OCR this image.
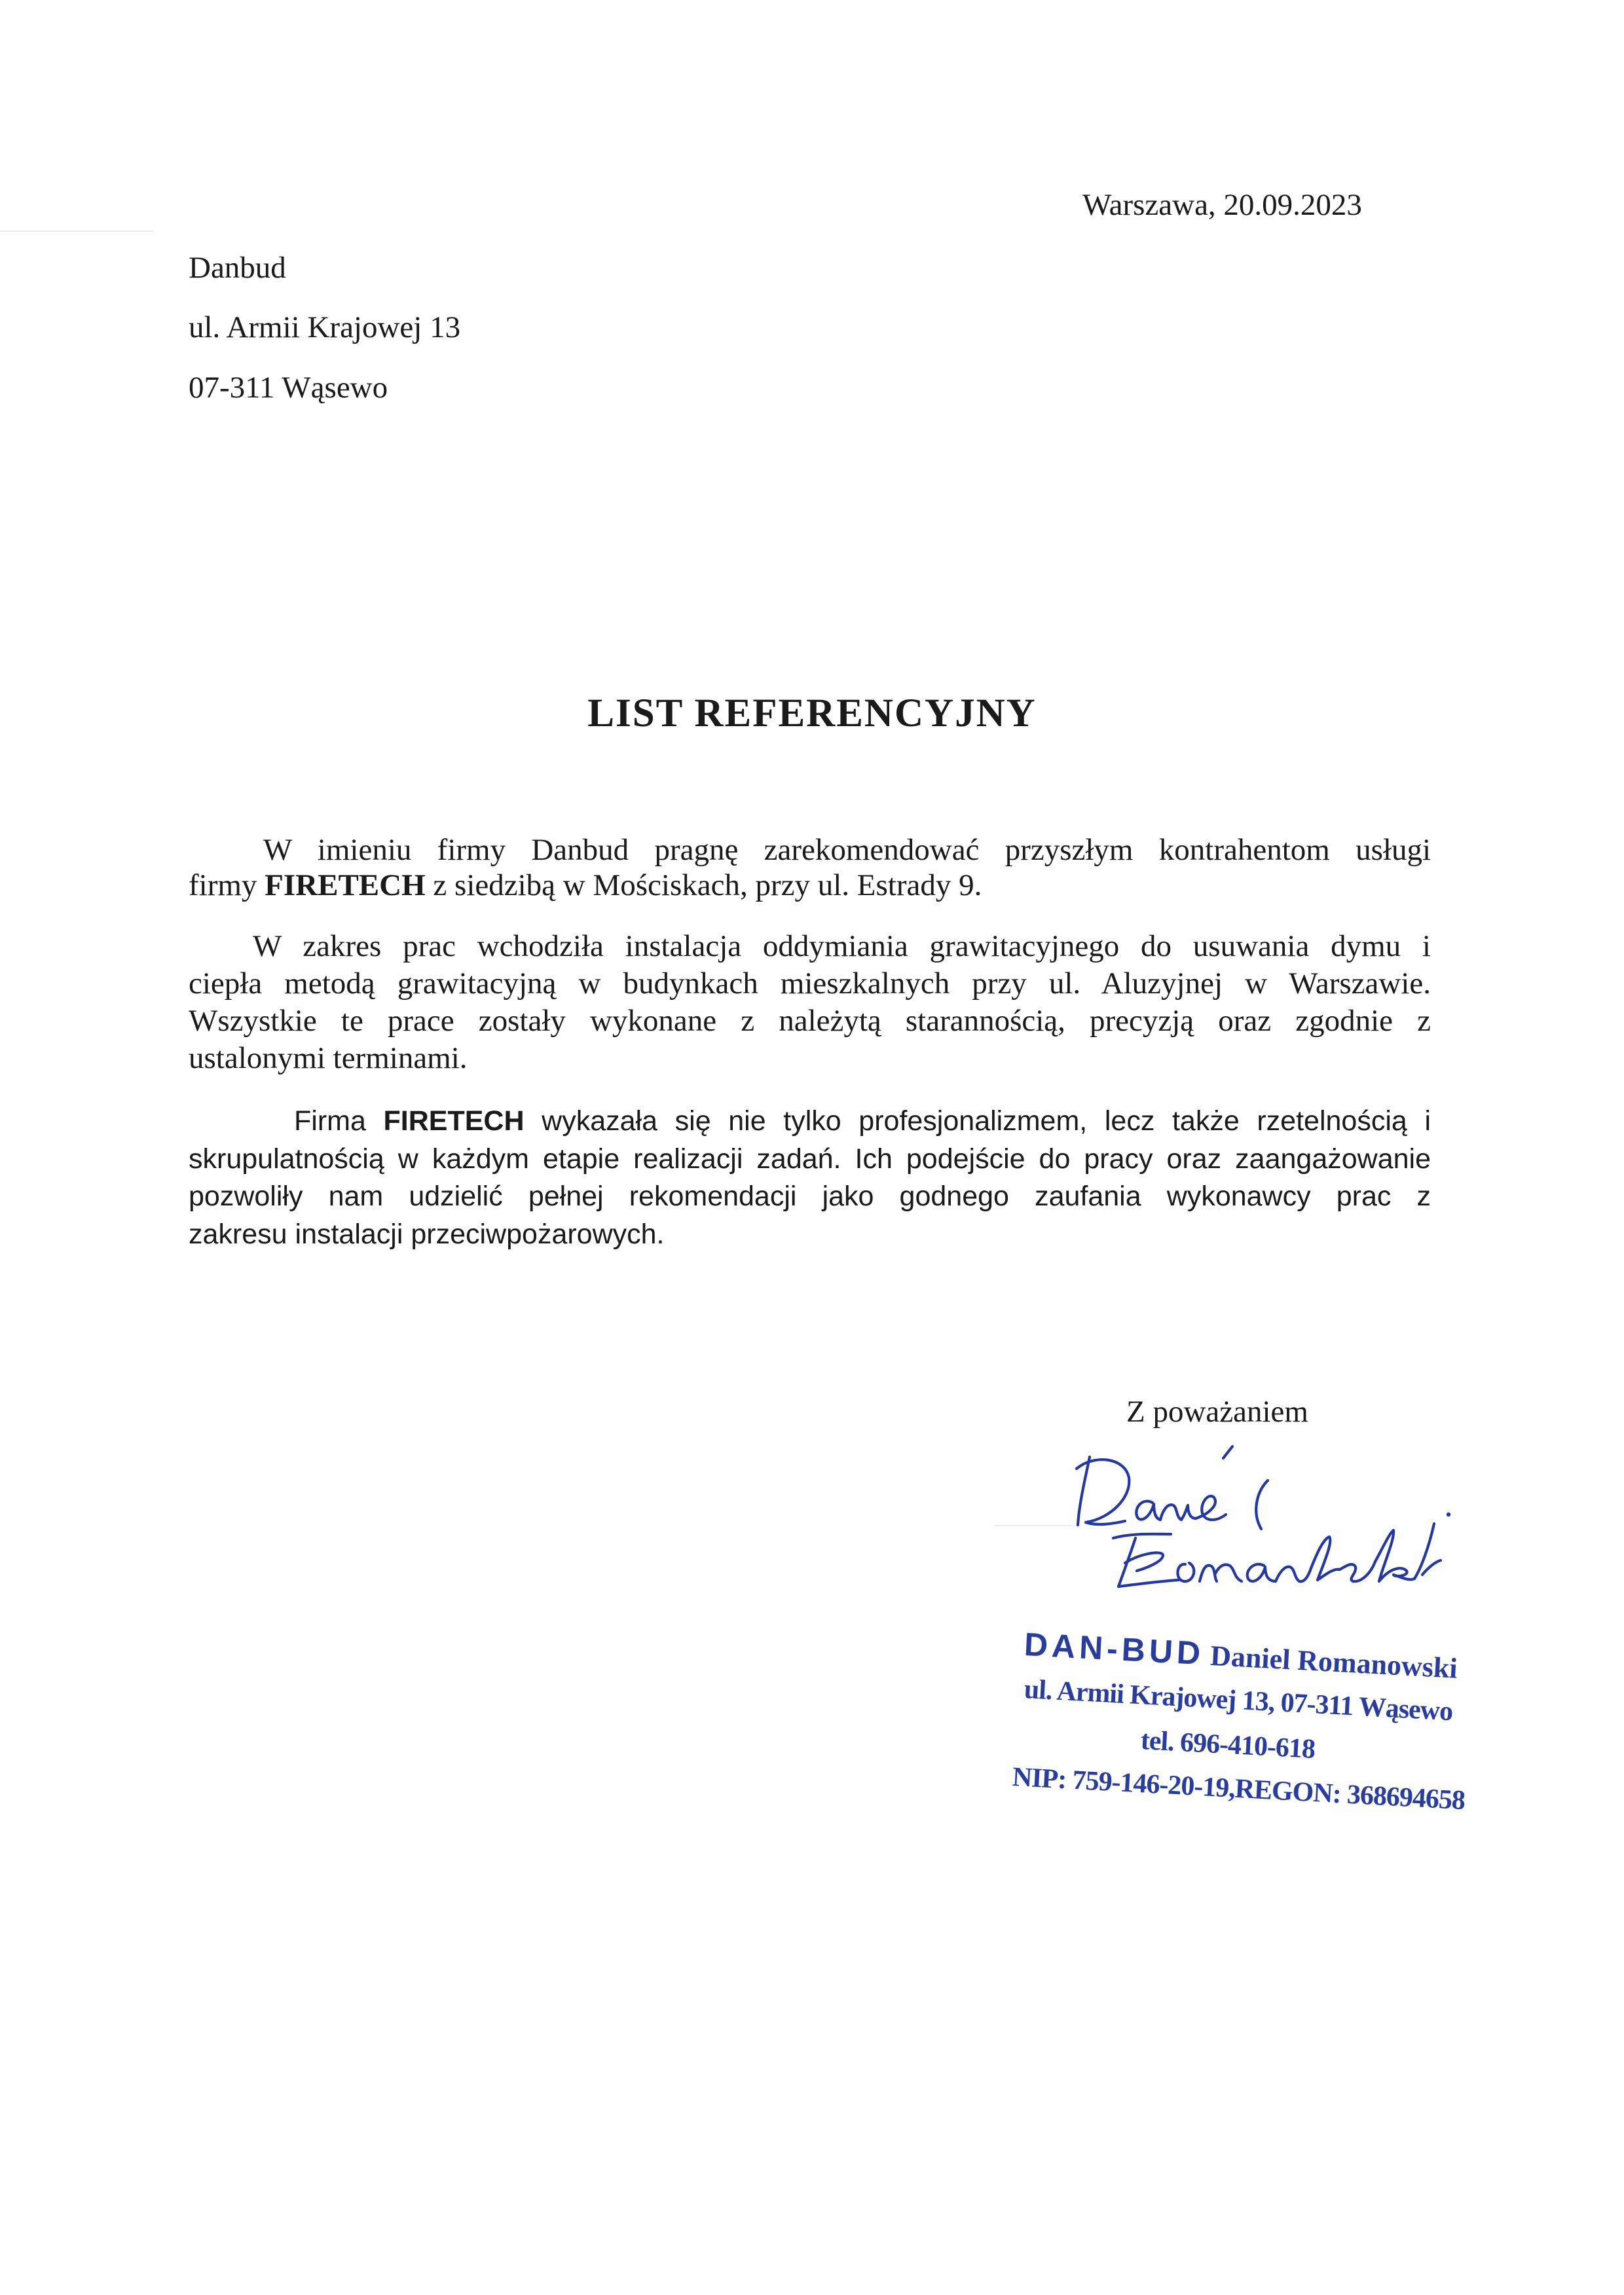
Warszawa, 20.09.2023
Danbud
ul. Armii Krajowej 13
07-311 Wąsewo
LIST REFERENCYJNY
W imieniu firmy Danbud pragnę zarekomendować przyszłym kontrahentom usługi
firmy FIRETECH z siedzibą w Mościskach, przy ul. Estrady 9.
W zakres prac wchodziła instalacja oddymiania grawitacyjnego do usuwania dymu i
ciepła metodą grawitacyjną w budynkach mieszkalnych przy ul. Aluzyjnej w Warszawie.
Wszystkie te prace zostały wykonane z należytą starannością, precyzją oraz zgodnie z
ustalonymi terminami.
Firma FIRETECH wykazała się nie tylko profesjonalizmem, lecz także rzetelnością i
skrupulatnością w każdym etapie realizacji zadań. Ich podejście do pracy oraz zaangażowanie
pozwoliły nam udzielić pełnej rekomendacji jako godnego zaufania wykonawcy prac z
zakresu instalacji przeciwpożarowych.
Z poważaniem
DAN-BUD Daniel Romanowski
ul. Armii Krajowej 13, 07-311 Wąsewo
tel. 696-410-618
NIP: 759-146-20-19,REGON: 368694658
